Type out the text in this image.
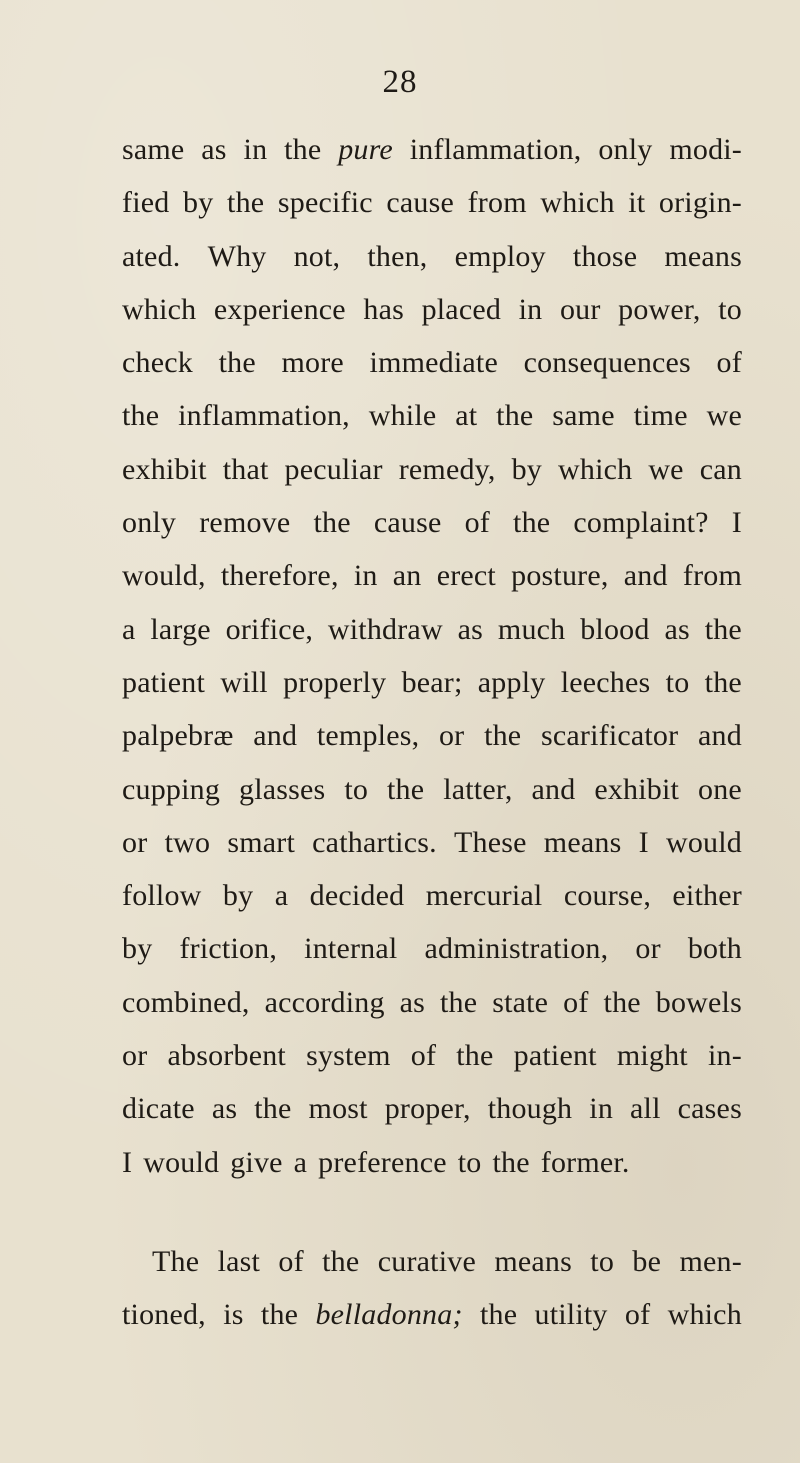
28
same as in the pure inflammation, only modi-
fied by the specific cause from which it origin-
ated. Why not, then, employ those means
which experience has placed in our power, to
check the more immediate consequences of
the inflammation, while at the same time we
exhibit that peculiar remedy, by which we can
only remove the cause of the complaint? I
would, therefore, in an erect posture, and from
a large orifice, withdraw as much blood as the
patient will properly bear; apply leeches to the
palpebræ and temples, or the scarificator and
cupping glasses to the latter, and exhibit one
or two smart cathartics. These means I would
follow by a decided mercurial course, either
by friction, internal administration, or both
combined, according as the state of the bowels
or absorbent system of the patient might in-
dicate as the most proper, though in all cases
I would give a preference to the former.
The last of the curative means to be men-
tioned, is the belladonna; the utility of which
